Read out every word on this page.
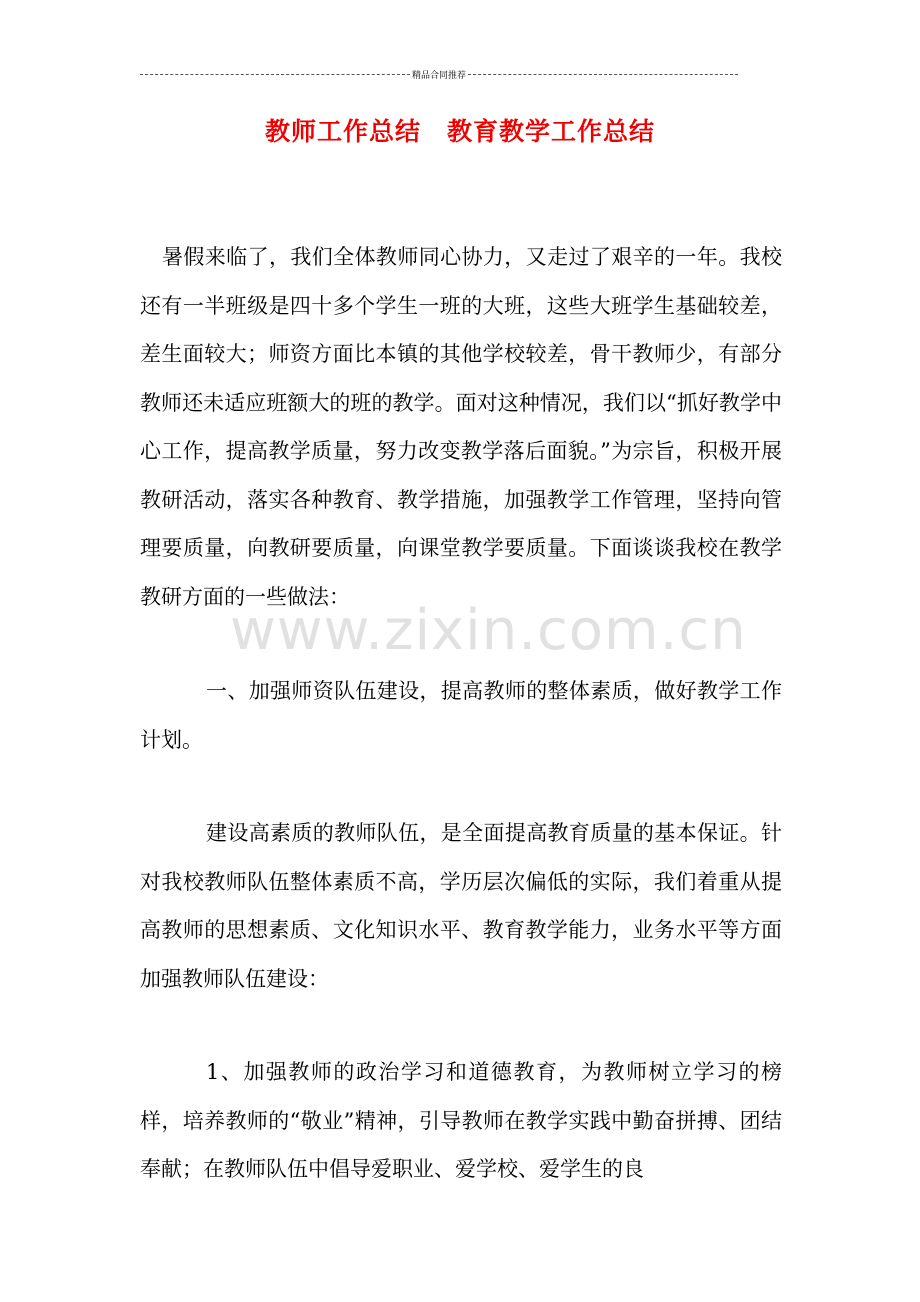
精品合同推荐
教师工作总结　教育教学工作总结
www.zixin.com.cn
暑假来临了，我们全体教师同心协力，又走过了艰辛的一年。我校还有一半班级是四十多个学生一班的大班，这些大班学生基础较差，差生面较大；师资方面比本镇的其他学校较差，骨干教师少，有部分教师还未适应班额大的班的教学。面对这种情况，我们以“抓好教学中心工作，提高教学质量，努力改变教学落后面貌。”为宗旨，积极开展教研活动，落实各种教育、教学措施，加强教学工作管理，坚持向管理要质量，向教研要质量，向课堂教学要质量。下面谈谈我校在教学教研方面的一些做法：
一、加强师资队伍建设，提高教师的整体素质，做好教学工作计划。
建设高素质的教师队伍，是全面提高教育质量的基本保证。针对我校教师队伍整体素质不高，学历层次偏低的实际，我们着重从提高教师的思想素质、文化知识水平、教育教学能力，业务水平等方面加强教师队伍建设：
1、加强教师的政治学习和道德教育，为教师树立学习的榜样，培养教师的“敬业”精神，引导教师在教学实践中勤奋拼搏、团结奉献；在教师队伍中倡导爱职业、爱学校、爱学生的良
